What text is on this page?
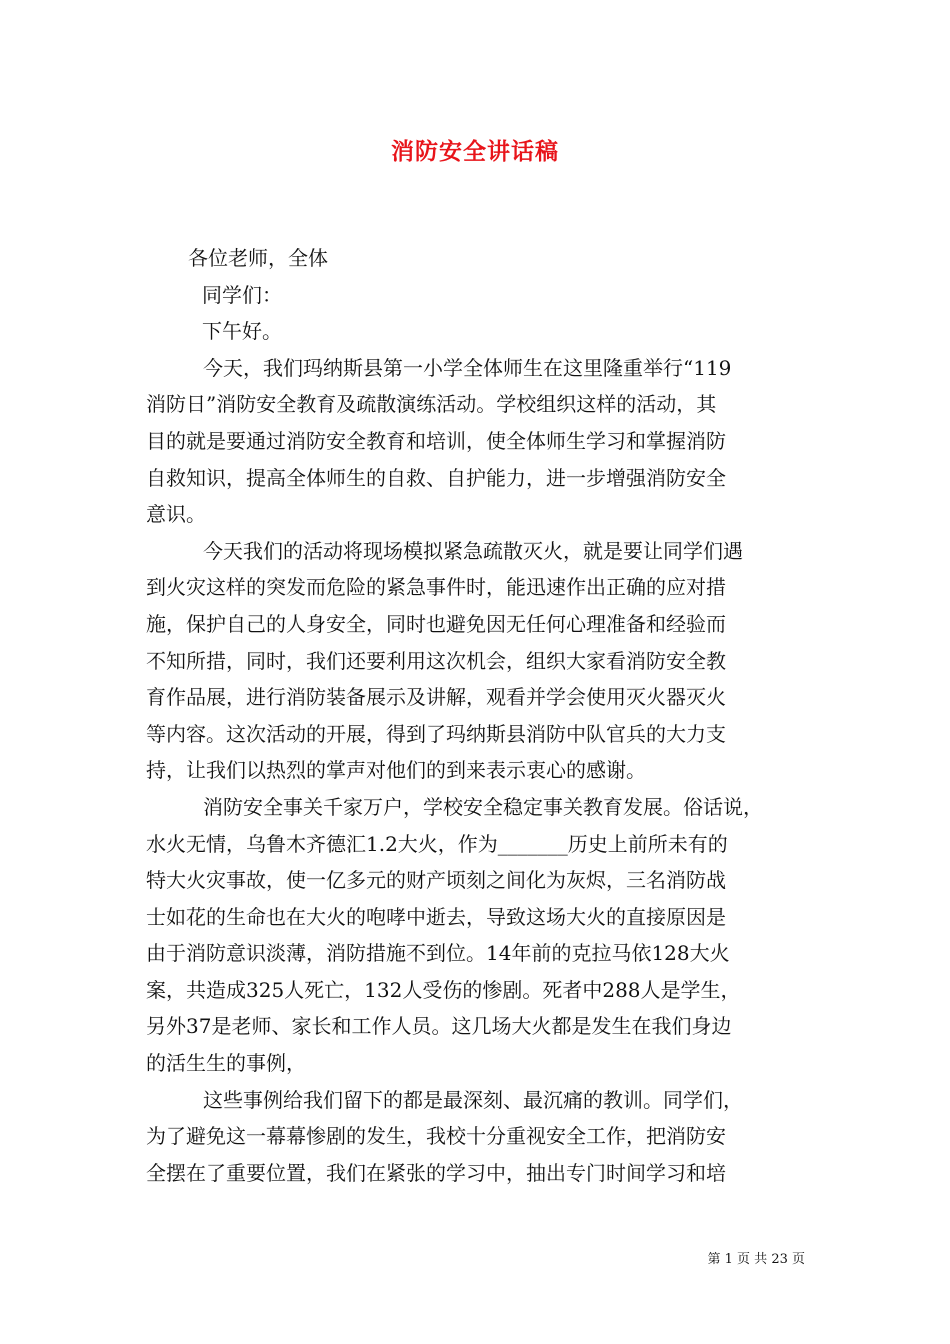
消防安全讲话稿
各位老师，全体
同学们：
下午好。
今天，我们玛纳斯县第一小学全体师生在这里隆重举行“119
消防日”消防安全教育及疏散演练活动。学校组织这样的活动，其
目的就是要通过消防安全教育和培训，使全体师生学习和掌握消防
自救知识，提高全体师生的自救、自护能力，进一步增强消防安全
意识。
今天我们的活动将现场模拟紧急疏散灭火，就是要让同学们遇
到火灾这样的突发而危险的紧急事件时，能迅速作出正确的应对措
施，保护自己的人身安全，同时也避免因无任何心理准备和经验而
不知所措，同时，我们还要利用这次机会，组织大家看消防安全教
育作品展，进行消防装备展示及讲解，观看并学会使用灭火器灭火
等内容。这次活动的开展，得到了玛纳斯县消防中队官兵的大力支
持，让我们以热烈的掌声对他们的到来表示衷心的感谢。
消防安全事关千家万户，学校安全稳定事关教育发展。俗话说，
水火无情，乌鲁木齐德汇1.2大火，作为_______历史上前所未有的
特大火灾事故，使一亿多元的财产顷刻之间化为灰烬，三名消防战
士如花的生命也在大火的咆哮中逝去，导致这场大火的直接原因是
由于消防意识淡薄，消防措施不到位。14年前的克拉马依128大火
案，共造成325人死亡，132人受伤的惨剧。死者中288人是学生，
另外37是老师、家长和工作人员。这几场大火都是发生在我们身边
的活生生的事例，
这些事例给我们留下的都是最深刻、最沉痛的教训。同学们，
为了避免这一幕幕惨剧的发生，我校十分重视安全工作，把消防安
全摆在了重要位置，我们在紧张的学习中，抽出专门时间学习和培
第 1 页 共 23 页
